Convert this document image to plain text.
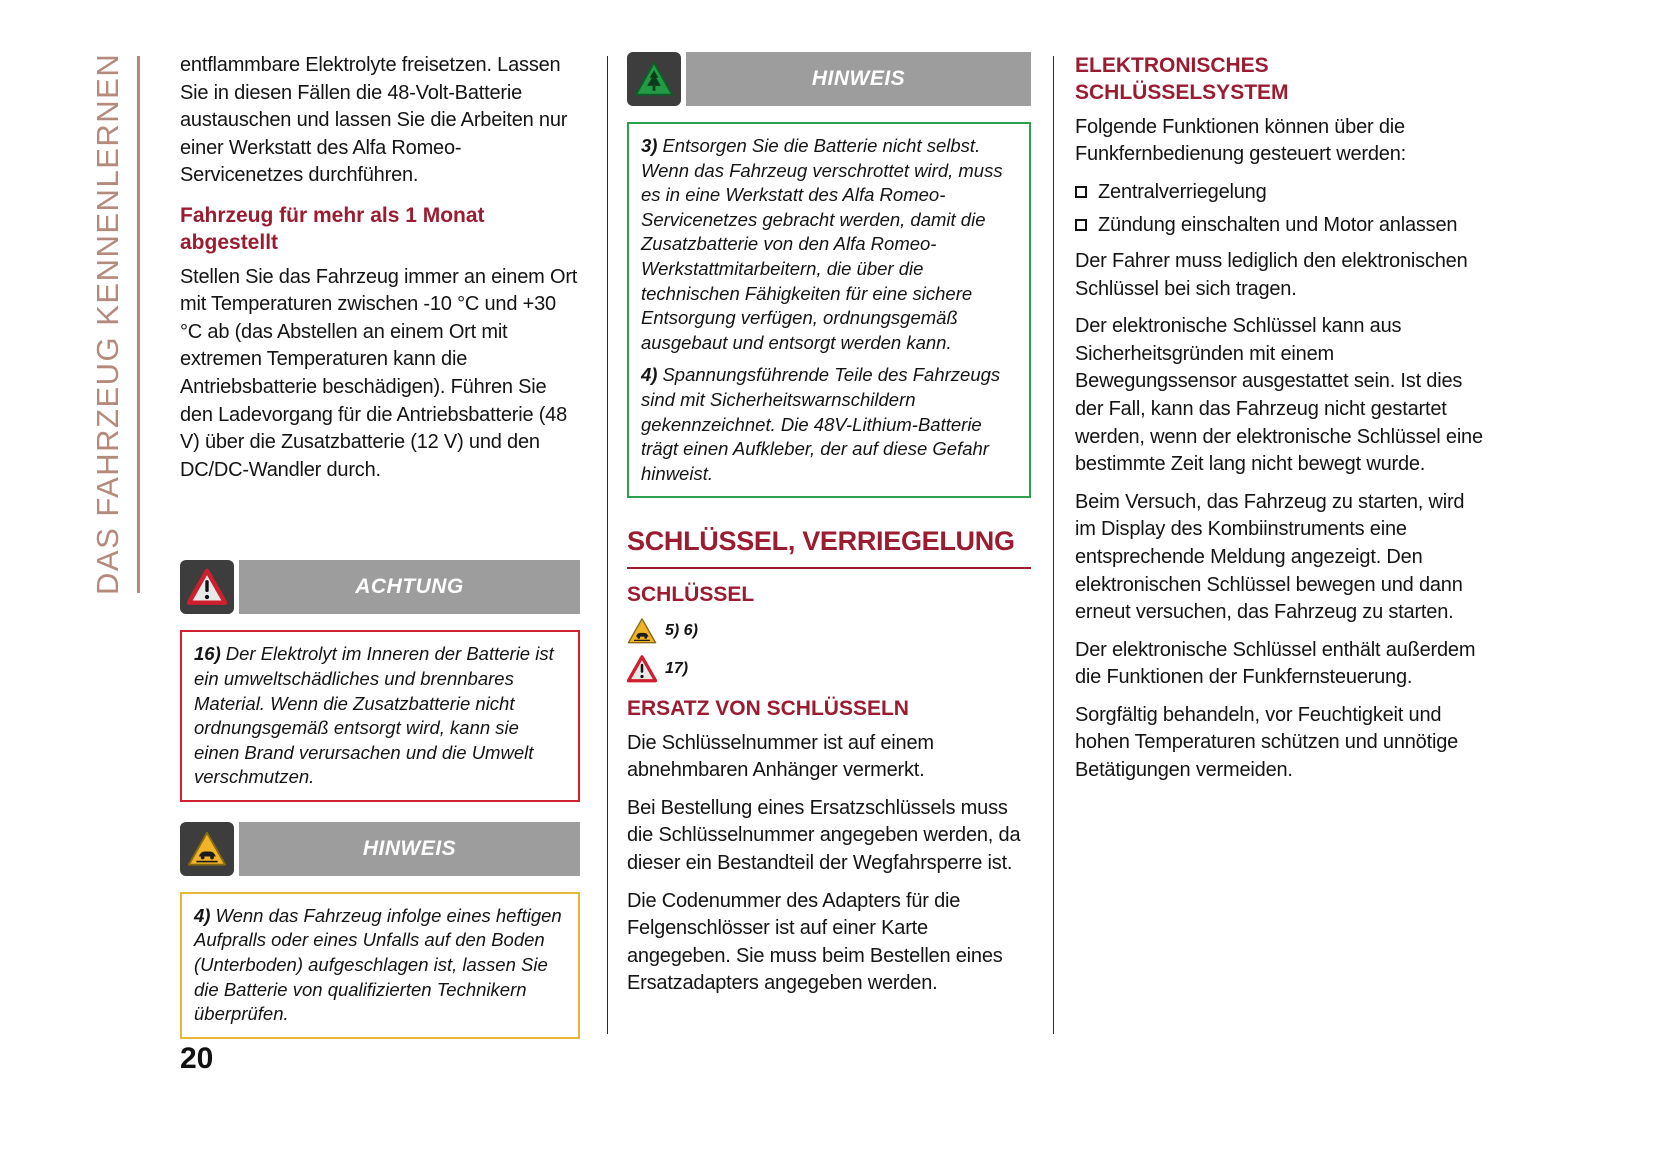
DAS FAHRZEUG KENNENLERNEN	entflammbare Elektrolyte freisetzen. Lassen Sie in diesen Fällen die 48-Volt-Batterie austauschen und lassen Sie die Arbeiten nur einer Werkstatt des Alfa Romeo-Servicenetzes durchführen.

Fahrzeug für mehr als 1 Monat abgestellt

Stellen Sie das Fahrzeug immer an einem Ort mit Temperaturen zwischen -10 °C und +30 °C ab (das Abstellen an einem Ort mit extremen Temperaturen kann die Antriebsbatterie beschädigen). Führen Sie den Ladevorgang für die Antriebsbatterie (48 V) über die Zusatzbatterie (12 V) und den DC/DC-Wandler durch.

ACHTUNG

16) Der Elektrolyt im Inneren der Batterie ist ein umweltschädliches und brennbares Material. Wenn die Zusatzbatterie nicht ordnungsgemäß entsorgt wird, kann sie einen Brand verursachen und die Umwelt verschmutzen.

HINWEIS

4) Wenn das Fahrzeug infolge eines heftigen Aufpralls oder eines Unfalls auf den Boden (Unterboden) aufgeschlagen ist, lassen Sie die Batterie von qualifizierten Technikern überprüfen.

HINWEIS

3) Entsorgen Sie die Batterie nicht selbst. Wenn das Fahrzeug verschrottet wird, muss es in eine Werkstatt des Alfa Romeo-Servicenetzes gebracht werden, damit die Zusatzbatterie von den Alfa Romeo-Werkstattmitarbeitern, die über die technischen Fähigkeiten für eine sichere Entsorgung verfügen, ordnungsgemäß ausgebaut und entsorgt werden kann.

4) Spannungsführende Teile des Fahrzeugs sind mit Sicherheitswarnschildern gekennzeichnet. Die 48V-Lithium-Batterie trägt einen Aufkleber, der auf diese Gefahr hinweist.

SCHLÜSSEL, VERRIEGELUNG
SCHLÜSSEL
5) 6)
17)
ERSATZ VON SCHLÜSSELN

Die Schlüsselnummer ist auf einem abnehmbaren Anhänger vermerkt.

Bei Bestellung eines Ersatzschlüssels muss die Schlüsselnummer angegeben werden, da dieser ein Bestandteil der Wegfahrsperre ist.

Die Codenummer des Adapters für die Felgenschlösser ist auf einer Karte angegeben. Sie muss beim Bestellen eines Ersatzadapters angegeben werden.

ELEKTRONISCHES SCHLÜSSELSYSTEM

Folgende Funktionen können über die Funkfernbedienung gesteuert werden:

Zentralverriegelung
Zündung einschalten und Motor anlassen

Der Fahrer muss lediglich den elektronischen Schlüssel bei sich tragen.

Der elektronische Schlüssel kann aus Sicherheitsgründen mit einem Bewegungssensor ausgestattet sein. Ist dies der Fall, kann das Fahrzeug nicht gestartet werden, wenn der elektronische Schlüssel eine bestimmte Zeit lang nicht bewegt wurde.

Beim Versuch, das Fahrzeug zu starten, wird im Display des Kombiinstruments eine entsprechende Meldung angezeigt. Den elektronischen Schlüssel bewegen und dann erneut versuchen, das Fahrzeug zu starten.

Der elektronische Schlüssel enthält außerdem die Funktionen der Funkfernsteuerung.

Sorgfältig behandeln, vor Feuchtigkeit und hohen Temperaturen schützen und unnötige Betätigungen vermeiden.

20
